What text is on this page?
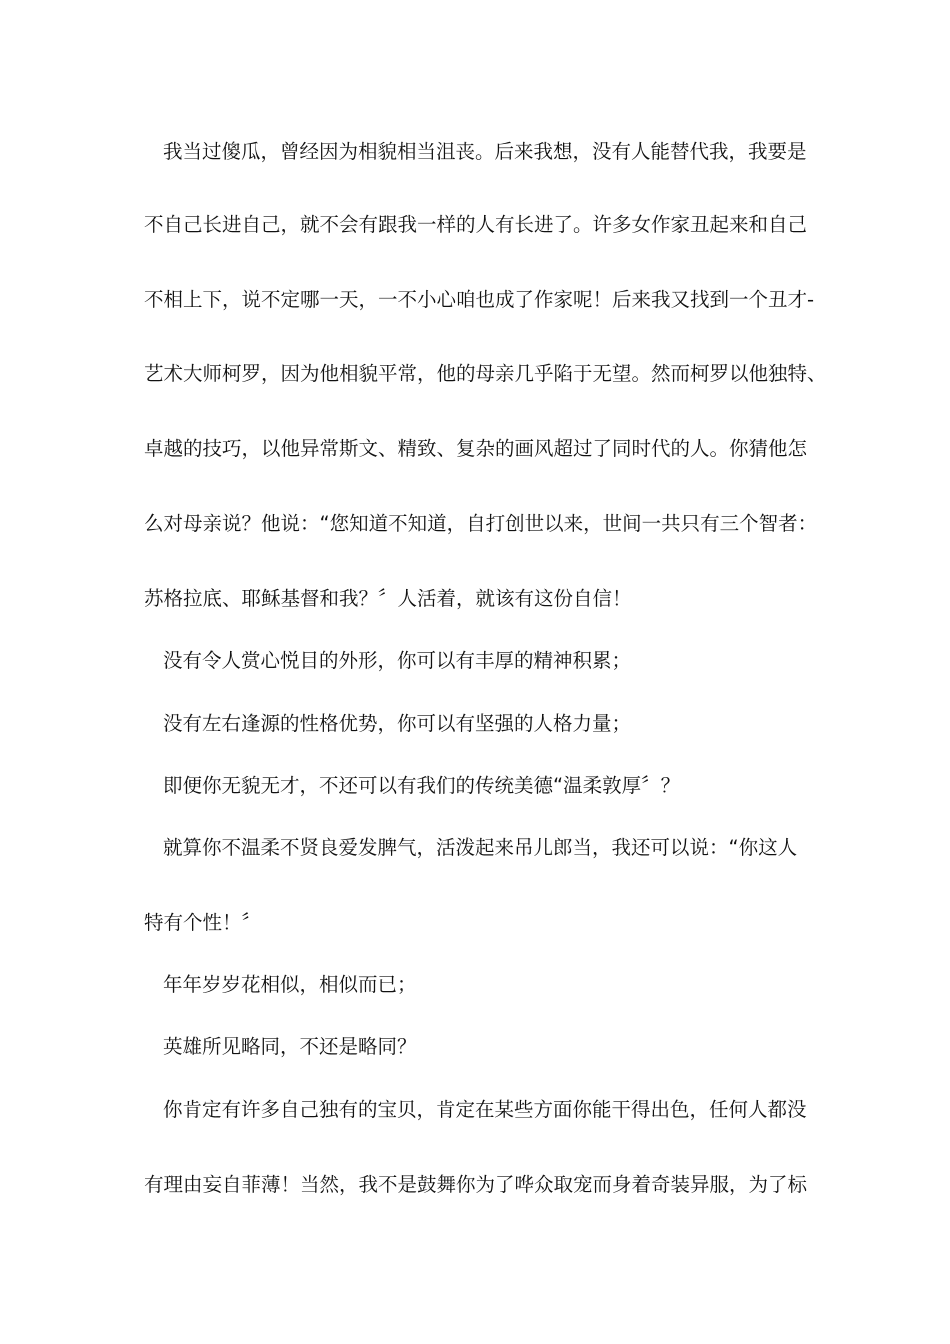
我当过傻瓜，曾经因为相貌相当沮丧。后来我想，没有人能替代我，我要是
不自己长进自己，就不会有跟我一样的人有长进了。许多女作家丑起来和自己
不相上下，说不定哪一天，一不小心咱也成了作家呢！后来我又找到一个丑才-
艺术大师柯罗，因为他相貌平常，他的母亲几乎陷于无望。然而柯罗以他独特、
卓越的技巧，以他异常斯文、精致、复杂的画风超过了同时代的人。你猜他怎
么对母亲说？他说：“您知道不知道，自打创世以来，世间一共只有三个智者：
苏格拉底、耶稣基督和我？〞人活着，就该有这份自信！
没有令人赏心悦目的外形，你可以有丰厚的精神积累；
没有左右逢源的性格优势，你可以有坚强的人格力量；
即便你无貌无才，不还可以有我们的传统美德“温柔敦厚〞？
就算你不温柔不贤良爱发脾气，活泼起来吊儿郎当，我还可以说：“你这人
特有个性！〞
年年岁岁花相似，相似而已；
英雄所见略同，不还是略同？
你肯定有许多自己独有的宝贝，肯定在某些方面你能干得出色，任何人都没
有理由妄自菲薄！当然，我不是鼓舞你为了哗众取宠而身着奇装异服，为了标
